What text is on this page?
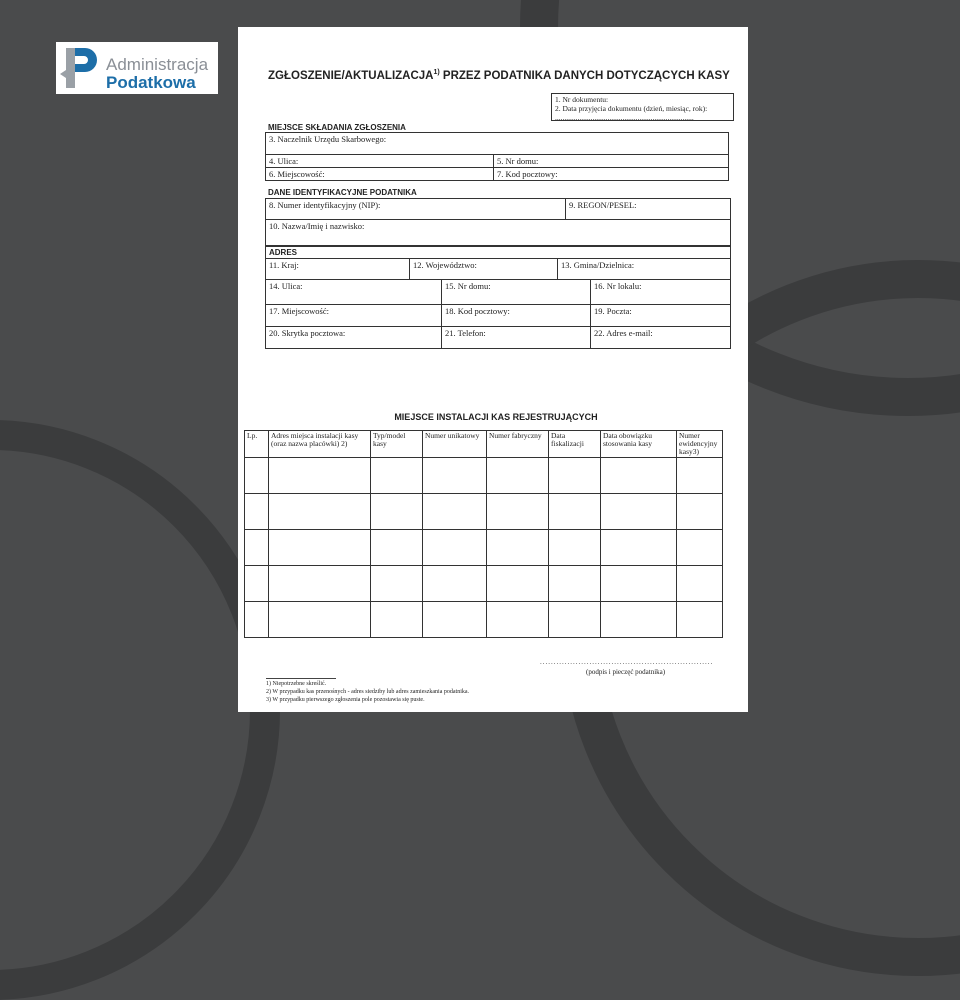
Administracja
Podatkowa	ZGŁOSZENIE/AKTUALIZACJA$^{1)}$ PRZEZ PODATNIKA DANYCH DOTYCZĄCYCH KASY
1. Nr dokumentu:
2. Data przyjęcia dokumentu (dzień, miesiąc, rok):
..........................................................................
MIEJSCE SKŁADANIA ZGŁOSZENIA
3. Naczelnik Urzędu Skarbowego:	
4. Ulica:	5. Nr domu:
6. Miejscowość:	7. Kod pocztowy:
DANE IDENTYFIKACYJNE PODATNIKA
8. Numer identyfikacyjny (NIP):	9. REGON/PESEL:
10. Nazwa/Imię i nazwisko:
ADRES				
11. Kraj:	12. Województwo:		13. Gmina/Dzielnica:	
14. Ulica:		15. Nr domu:		16. Nr lokalu:
17. Miejscowość:		18. Kod pocztowy:		19. Poczta:
20. Skrytka pocztowa:		21. Telefon:		22. Adres e-mail:
MIEJSCE INSTALACJI KAS REJESTRUJĄCYCH
Lp.	Adres miejsca instalacji kasy (oraz nazwa placówki) 2)	Typ/model kasy	Numer unikatowy	Numer fabryczny	Data fiskalizacji	Data obowiązku stosowania kasy	Numer ewidencyjny kasy3)

...............................................................
(podpis i pieczęć podatnika)
1) Niepotrzebne skreślić.
2) W przypadku kas przenośnych - adres siedziby lub adres zamieszkania podatnika.
3) W przypadku pierwszego zgłoszenia pole pozostawia się puste.
